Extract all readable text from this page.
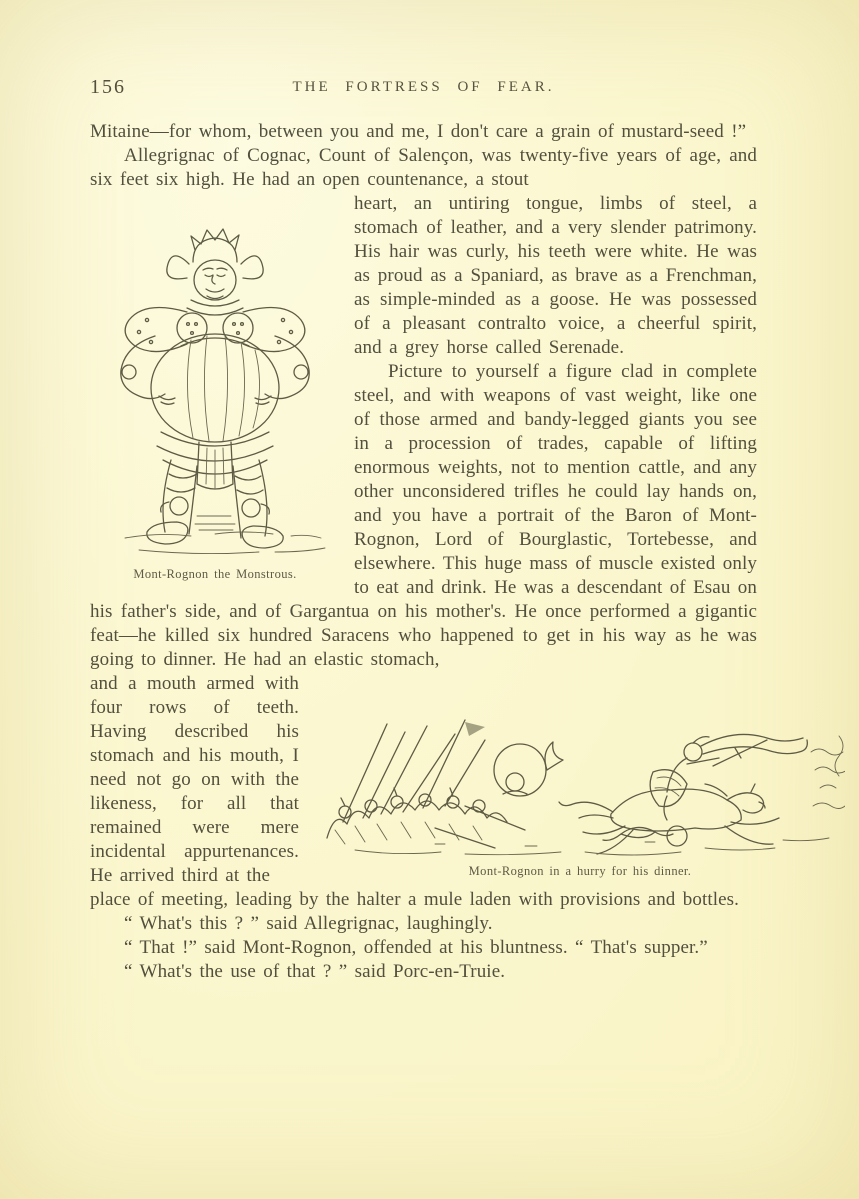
156	THE FORTRESS OF FEAR.

Mitaine—for whom, between you and me, I don't care a grain of mustard-seed !”

Allegrignac of Cognac, Count of Salençon, was twenty-five years of age, and six feet six high. He had an open countenance, a stout

Mont-Rognon the Monstrous.

heart, an untiring tongue, limbs of steel, a stomach of leather, and a very slender patrimony. His hair was curly, his teeth were white. He was as proud as a Spaniard, as brave as a Frenchman, as simple-minded as a goose. He was possessed of a pleasant contralto voice, a cheerful spirit, and a grey horse called Serenade.

Picture to yourself a figure clad in complete steel, and with weapons of vast weight, like one of those armed and bandy-legged giants you see in a procession of trades, capable of lifting enormous weights, not to mention cattle, and any other unconsidered trifles he could lay hands on, and you have a portrait of the Baron of Mont-Rognon, Lord of Bourglastic, Tortebesse, and elsewhere. This huge mass of muscle existed only to eat and drink. He was a descendant of Esau on his father's side, and of Gargantua on his mother's. He once performed a gigantic feat—he killed six hundred Saracens who happened to get in his way as he was going to dinner. He had an elastic stomach,

Mont-Rognon in a hurry for his dinner.

and a mouth armed with four rows of teeth. Having described his stomach and his mouth, I need not go on with the likeness, for all that remained were mere incidental appurtenances. He arrived third at the

place of meeting, leading by the halter a mule laden with provisions and bottles.

“ What's this ? ” said Allegrignac, laughingly.

“ That !” said Mont-Rognon, offended at his bluntness. “ That's supper.”

“ What's the use of that ? ” said Porc-en-Truie.
